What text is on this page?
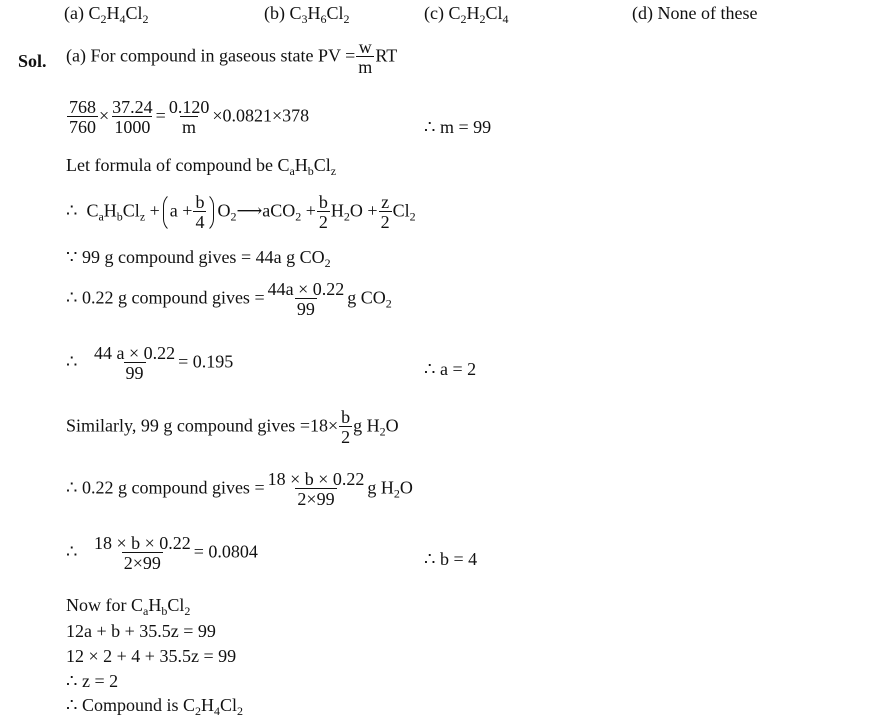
(a) $C_2H_4Cl_2$	(b) $C_3H_6Cl_2$	(c) $C_2H_2Cl_4$	(d) None of these
Sol. (a) For compound in gaseous state PV = $\frac{w}{m}$ RT
$\frac{768}{760} \times \frac{37.24}{1000} = \frac{0.120}{m} \times 0.0821\times 378$
∴ m = 99
Let formula of compound be $C_aH_bCl_z$
∴ $C_aH_bCl_z + a + \frac{b}{4}$ $O_2⟶aCO_2 + \frac{b}{2} H_2O + \frac{z}{2} Cl_2$
∵ 99 g compound gives = 44a g $CO_2$
∴ 0.22 g compound gives = $\frac{44a \times 0.22}{99}$ g $CO_2$
∴ $\frac{44 a \times 0.22}{99} = 0.195$	∴ a = 2
Similarly, 99 g compound gives $=18\times \frac{b}{2}$ g $H_2O$
∴ 0.22 g compound gives = $\frac{18 \times b \times 0.22}{2\times 99}$ g $H_2O$
∴ $\frac{18 \times b \times 0.22}{2\times 99} = 0.0804$	∴ b = 4
Now for $C_aH_bCl_2$
12a + b + 35.5z = 99
12 × 2 + 4 + 35.5z = 99
∴ z = 2
∴ Compound is $C_2H_4Cl_2$
